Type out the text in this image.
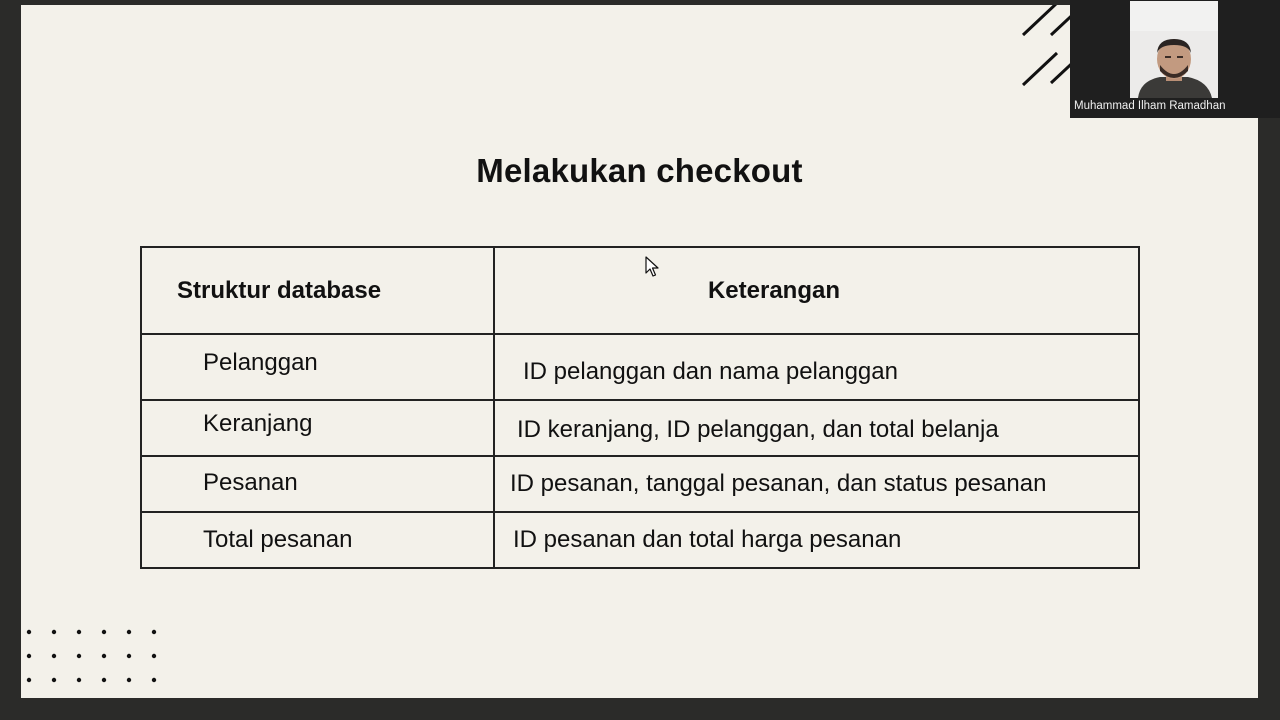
Melakukan checkout
Struktur database	Keterangan

Pelanggan	ID pelanggan dan nama pelanggan

Keranjang	ID keranjang, ID pelanggan, dan total belanja

Pesanan	ID pesanan, tanggal pesanan, dan status pesanan
Total pesanan	ID pesanan dan total harga pesanan
Muhammad Ilham Ramadhan
